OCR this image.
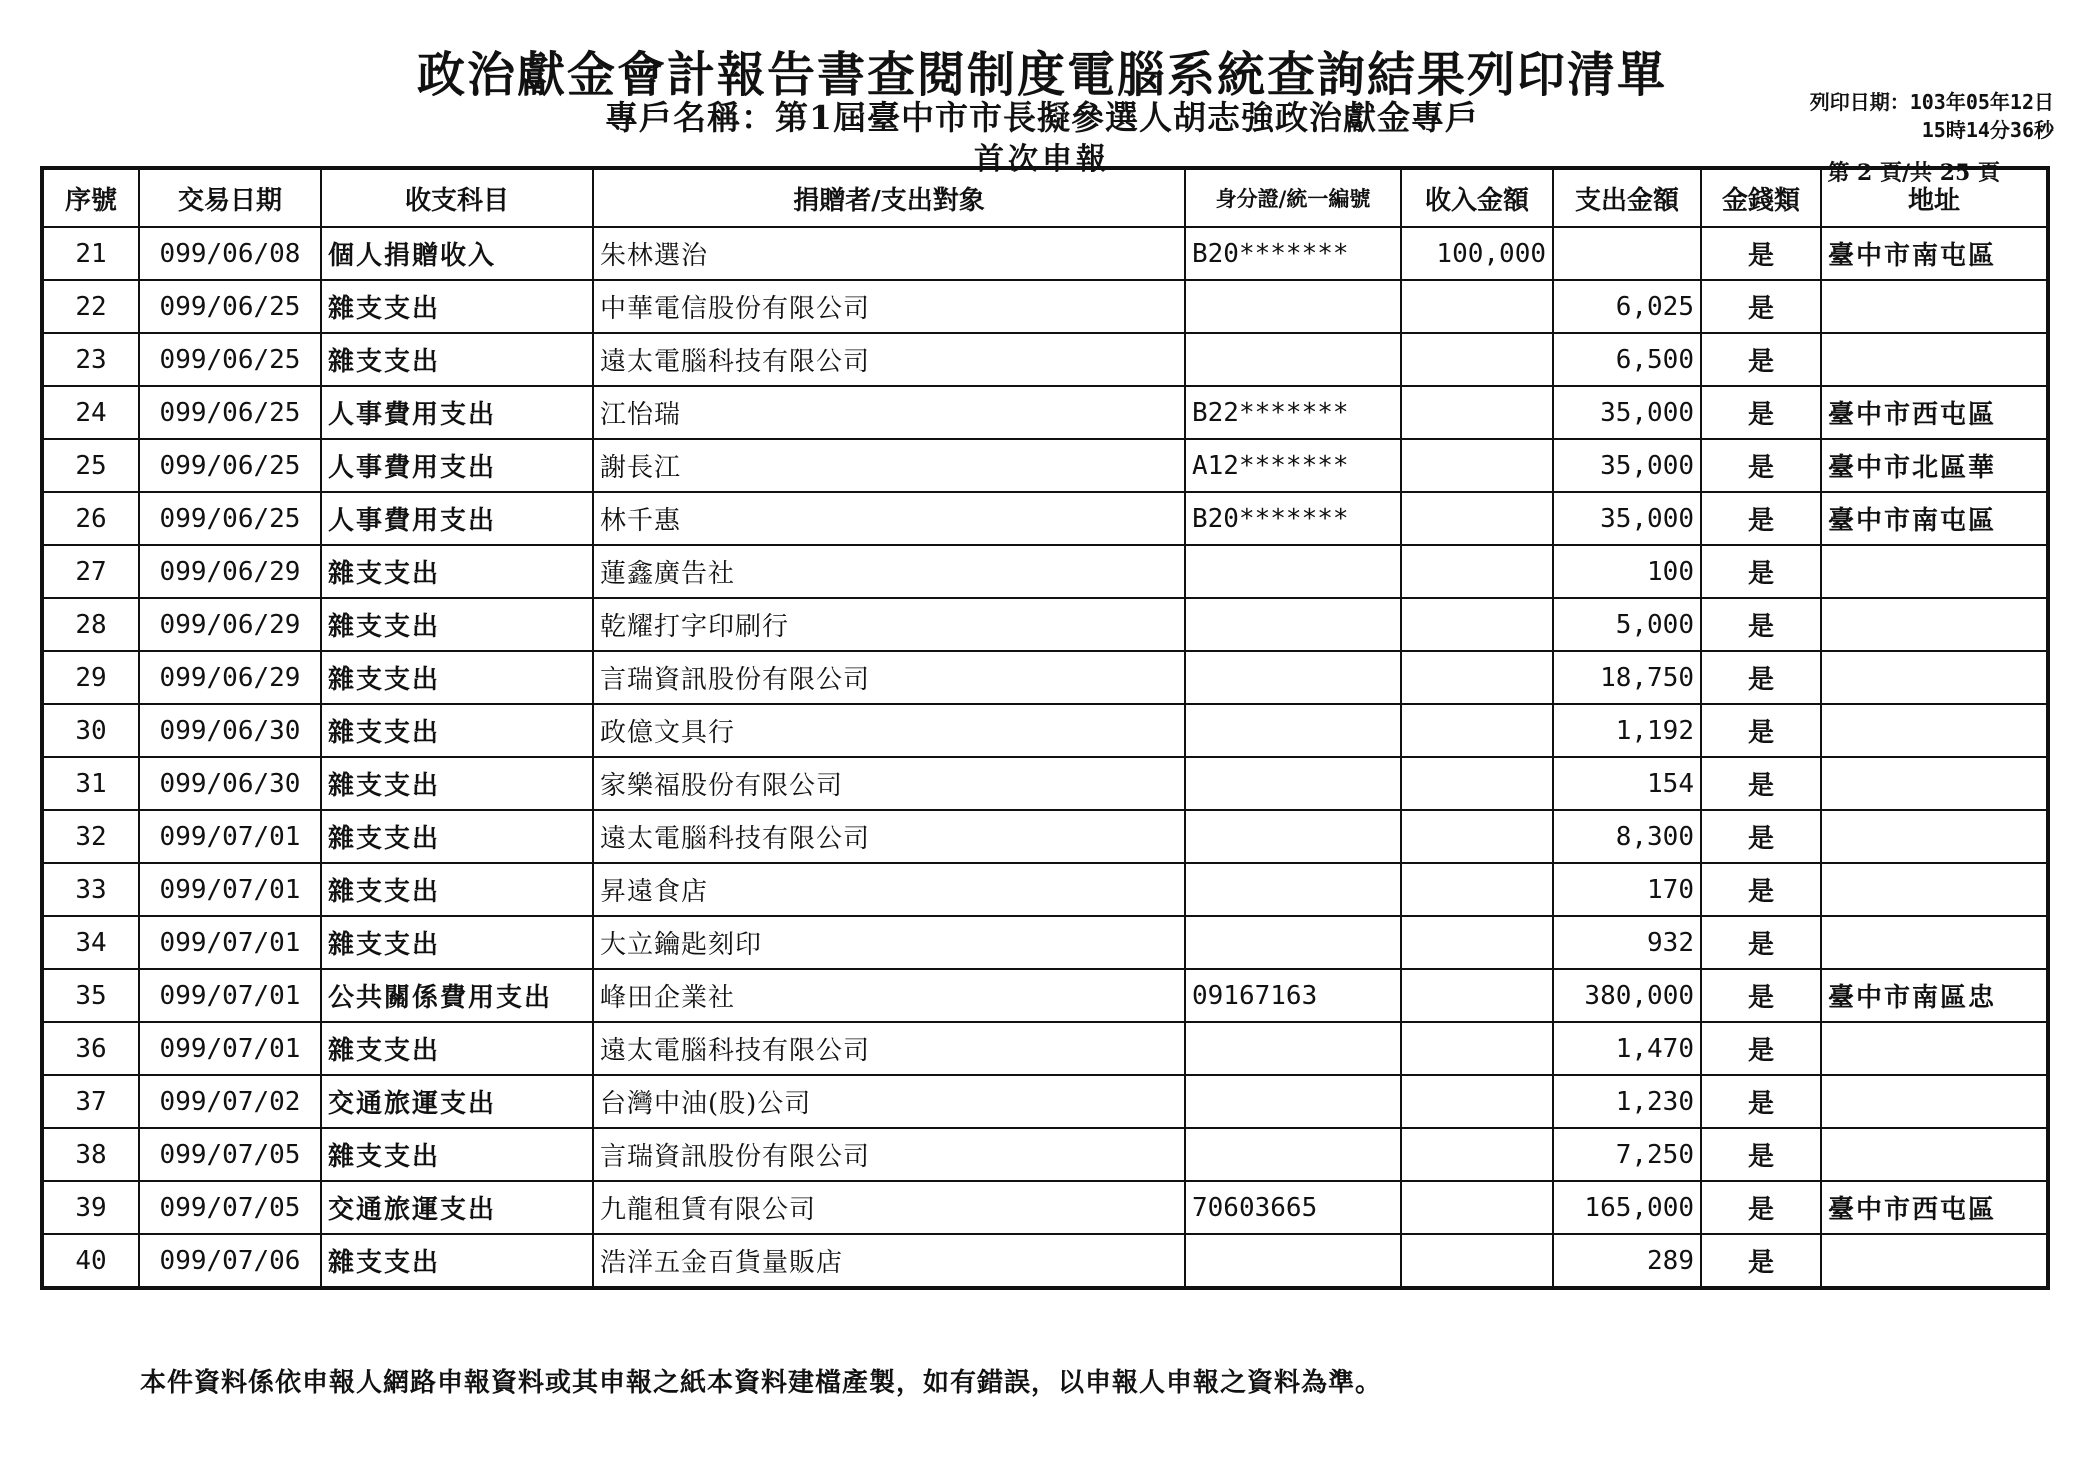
政治獻金會計報告書查閱制度電腦系統查詢結果列印清單
專戶名稱：第1屆臺中市市長擬參選人胡志強政治獻金專戶
首次申報
列印日期：103年05年12日
15時14分36秒
第 2 頁/共 25 頁
序號	交易日期	收支科目	捐贈者/支出對象	身分證/統一編號	收入金額	支出金額	金錢類	地址
21	099/06/08	個人捐贈收入	朱林選治	B20*******	100,000		是	臺中市南屯區
22	099/06/25	雜支支出	中華電信股份有限公司			6,025	是	
23	099/06/25	雜支支出	遠太電腦科技有限公司			6,500	是	
24	099/06/25	人事費用支出	江怡瑞	B22*******		35,000	是	臺中市西屯區
25	099/06/25	人事費用支出	謝長江	A12*******		35,000	是	臺中市北區華
26	099/06/25	人事費用支出	林千惠	B20*******		35,000	是	臺中市南屯區
27	099/06/29	雜支支出	蓮鑫廣告社			100	是	
28	099/06/29	雜支支出	乾耀打字印刷行			5,000	是	
29	099/06/29	雜支支出	言瑞資訊股份有限公司			18,750	是	
30	099/06/30	雜支支出	政億文具行			1,192	是	
31	099/06/30	雜支支出	家樂福股份有限公司			154	是	
32	099/07/01	雜支支出	遠太電腦科技有限公司			8,300	是	
33	099/07/01	雜支支出	昇遠食店			170	是	
34	099/07/01	雜支支出	大立鑰匙刻印			932	是	
35	099/07/01	公共關係費用支出	峰田企業社	09167163		380,000	是	臺中市南區忠
36	099/07/01	雜支支出	遠太電腦科技有限公司			1,470	是	
37	099/07/02	交通旅運支出	台灣中油(股)公司			1,230	是	
38	099/07/05	雜支支出	言瑞資訊股份有限公司			7,250	是	
39	099/07/05	交通旅運支出	九龍租賃有限公司	70603665		165,000	是	臺中市西屯區
40	099/07/06	雜支支出	浩洋五金百貨量販店			289	是	
本件資料係依申報人網路申報資料或其申報之紙本資料建檔產製，如有錯誤，以申報人申報之資料為準。
